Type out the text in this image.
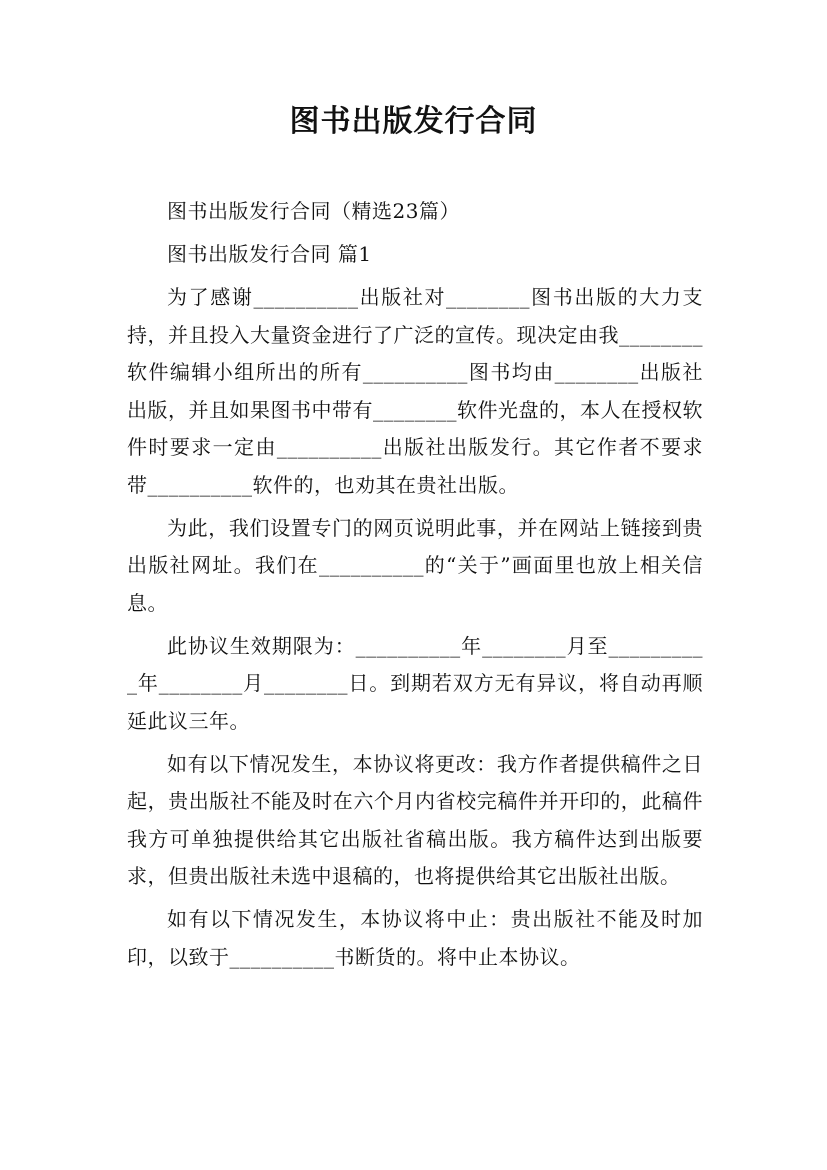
图书出版发行合同

图书出版发行合同（精选23篇）

图书出版发行合同 篇1

为了感谢__________出版社对________图书出版的大力支持，并且投入大量资金进行了广泛的宣传。现决定由我________软件编辑小组所出的所有__________图书均由________出版社出版，并且如果图书中带有________软件光盘的，本人在授权软件时要求一定由__________出版社出版发行。其它作者不要求带__________软件的，也劝其在贵社出版。

为此，我们设置专门的网页说明此事，并在网站上链接到贵出版社网址。我们在__________的“关于”画面里也放上相关信息。

此协议生效期限为：__________年________月至__________年________月________日。到期若双方无有异议，将自动再顺延此议三年。

如有以下情况发生，本协议将更改：我方作者提供稿件之日起，贵出版社不能及时在六个月内省校完稿件并开印的，此稿件我方可单独提供给其它出版社省稿出版。我方稿件达到出版要求，但贵出版社未选中退稿的，也将提供给其它出版社出版。

如有以下情况发生，本协议将中止：贵出版社不能及时加印，以致于__________书断货的。将中止本协议。
